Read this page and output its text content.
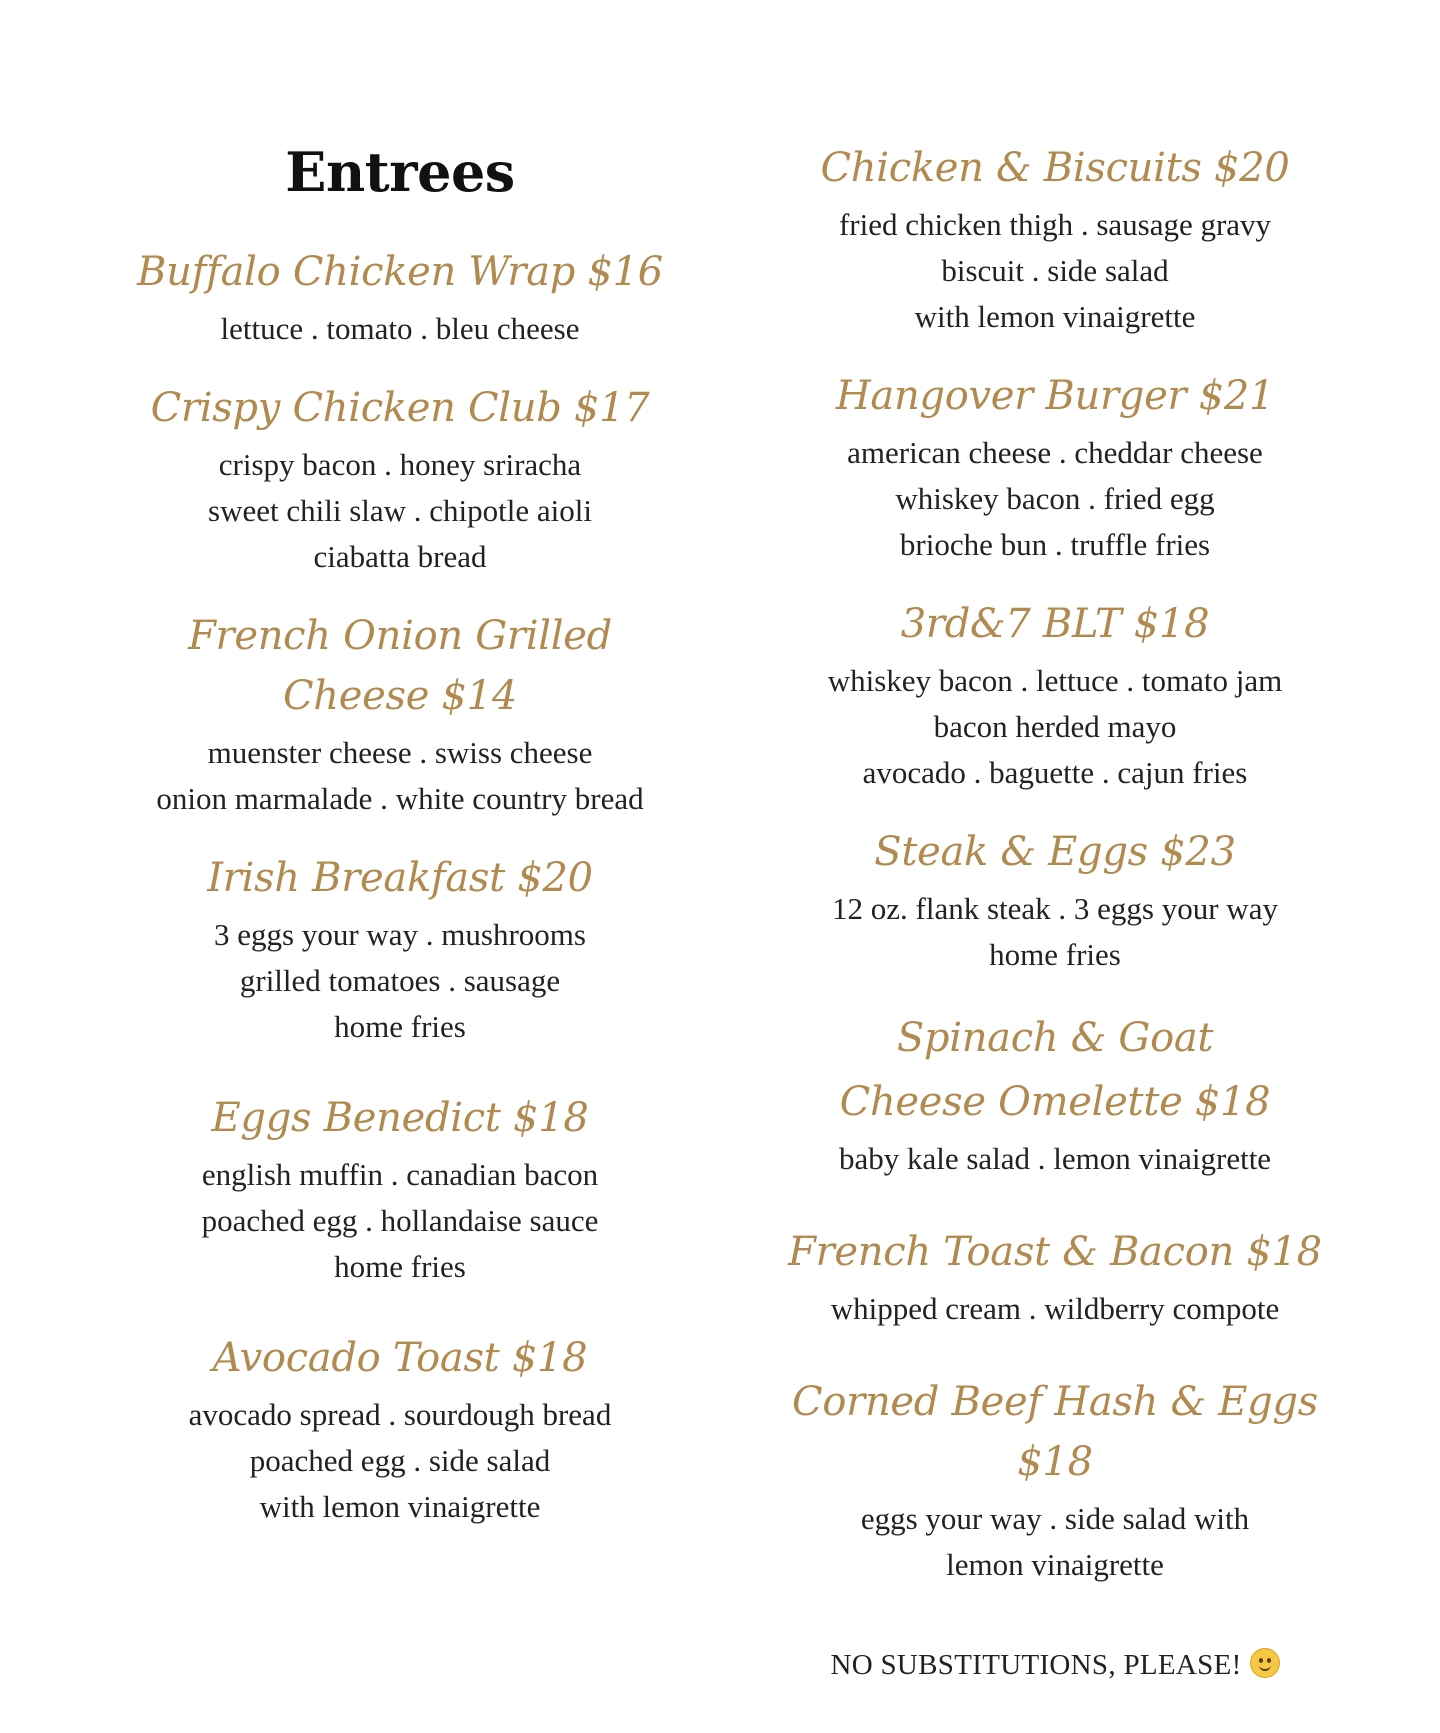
Entrees
Buffalo Chicken Wrap $16
lettuce . tomato . bleu cheese
Crispy Chicken Club $17
crispy bacon . honey sriracha
sweet chili slaw . chipotle aioli
ciabatta bread
French Onion Grilled Cheese $14
muenster cheese . swiss cheese
onion marmalade . white country bread
Irish Breakfast $20
3 eggs your way . mushrooms
grilled tomatoes . sausage
home fries
Eggs Benedict $18
english muffin . canadian bacon
poached egg . hollandaise sauce
home fries
Avocado Toast $18
avocado spread . sourdough bread
poached egg . side salad
with lemon vinaigrette
Chicken & Biscuits $20
fried chicken thigh . sausage gravy
biscuit . side salad
with lemon vinaigrette
Hangover Burger $21
american cheese . cheddar cheese
whiskey bacon . fried egg
brioche bun . truffle fries
3rd&7 BLT $18
whiskey bacon . lettuce . tomato jam
bacon herded mayo
avocado . baguette . cajun fries
Steak & Eggs $23
12 oz. flank steak . 3 eggs your way
home fries
Spinach & Goat
Cheese Omelette $18
baby kale salad . lemon vinaigrette
French Toast & Bacon $18
whipped cream . wildberry compote
Corned Beef Hash & Eggs $18
eggs your way . side salad with
lemon vinaigrette
NO SUBSTITUTIONS, PLEASE!
